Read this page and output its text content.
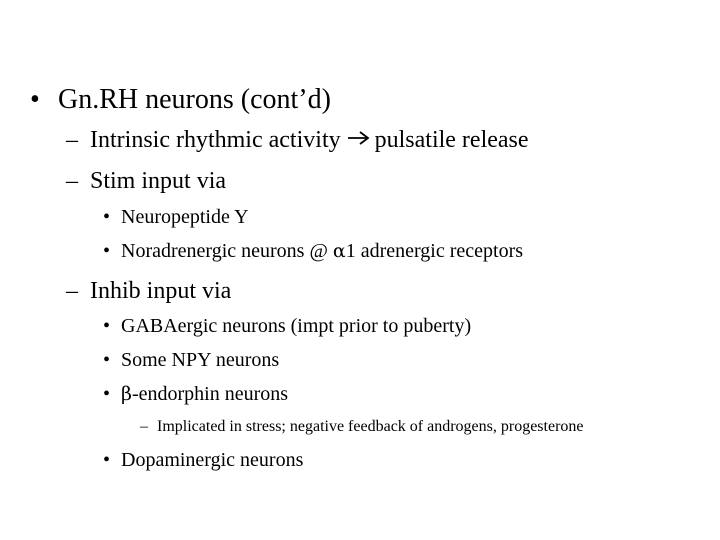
• Gn.RH neurons (cont’d)
– Intrinsic rhythmic activity pulsatile release
– Stim input via
• Neuropeptide Y
• Noradrenergic neurons @ α1 adrenergic receptors
– Inhib input via
• GABAergic neurons (impt prior to puberty)
• Some NPY neurons
• β-endorphin neurons
– Implicated in stress; negative feedback of androgens, progesterone
• Dopaminergic neurons
